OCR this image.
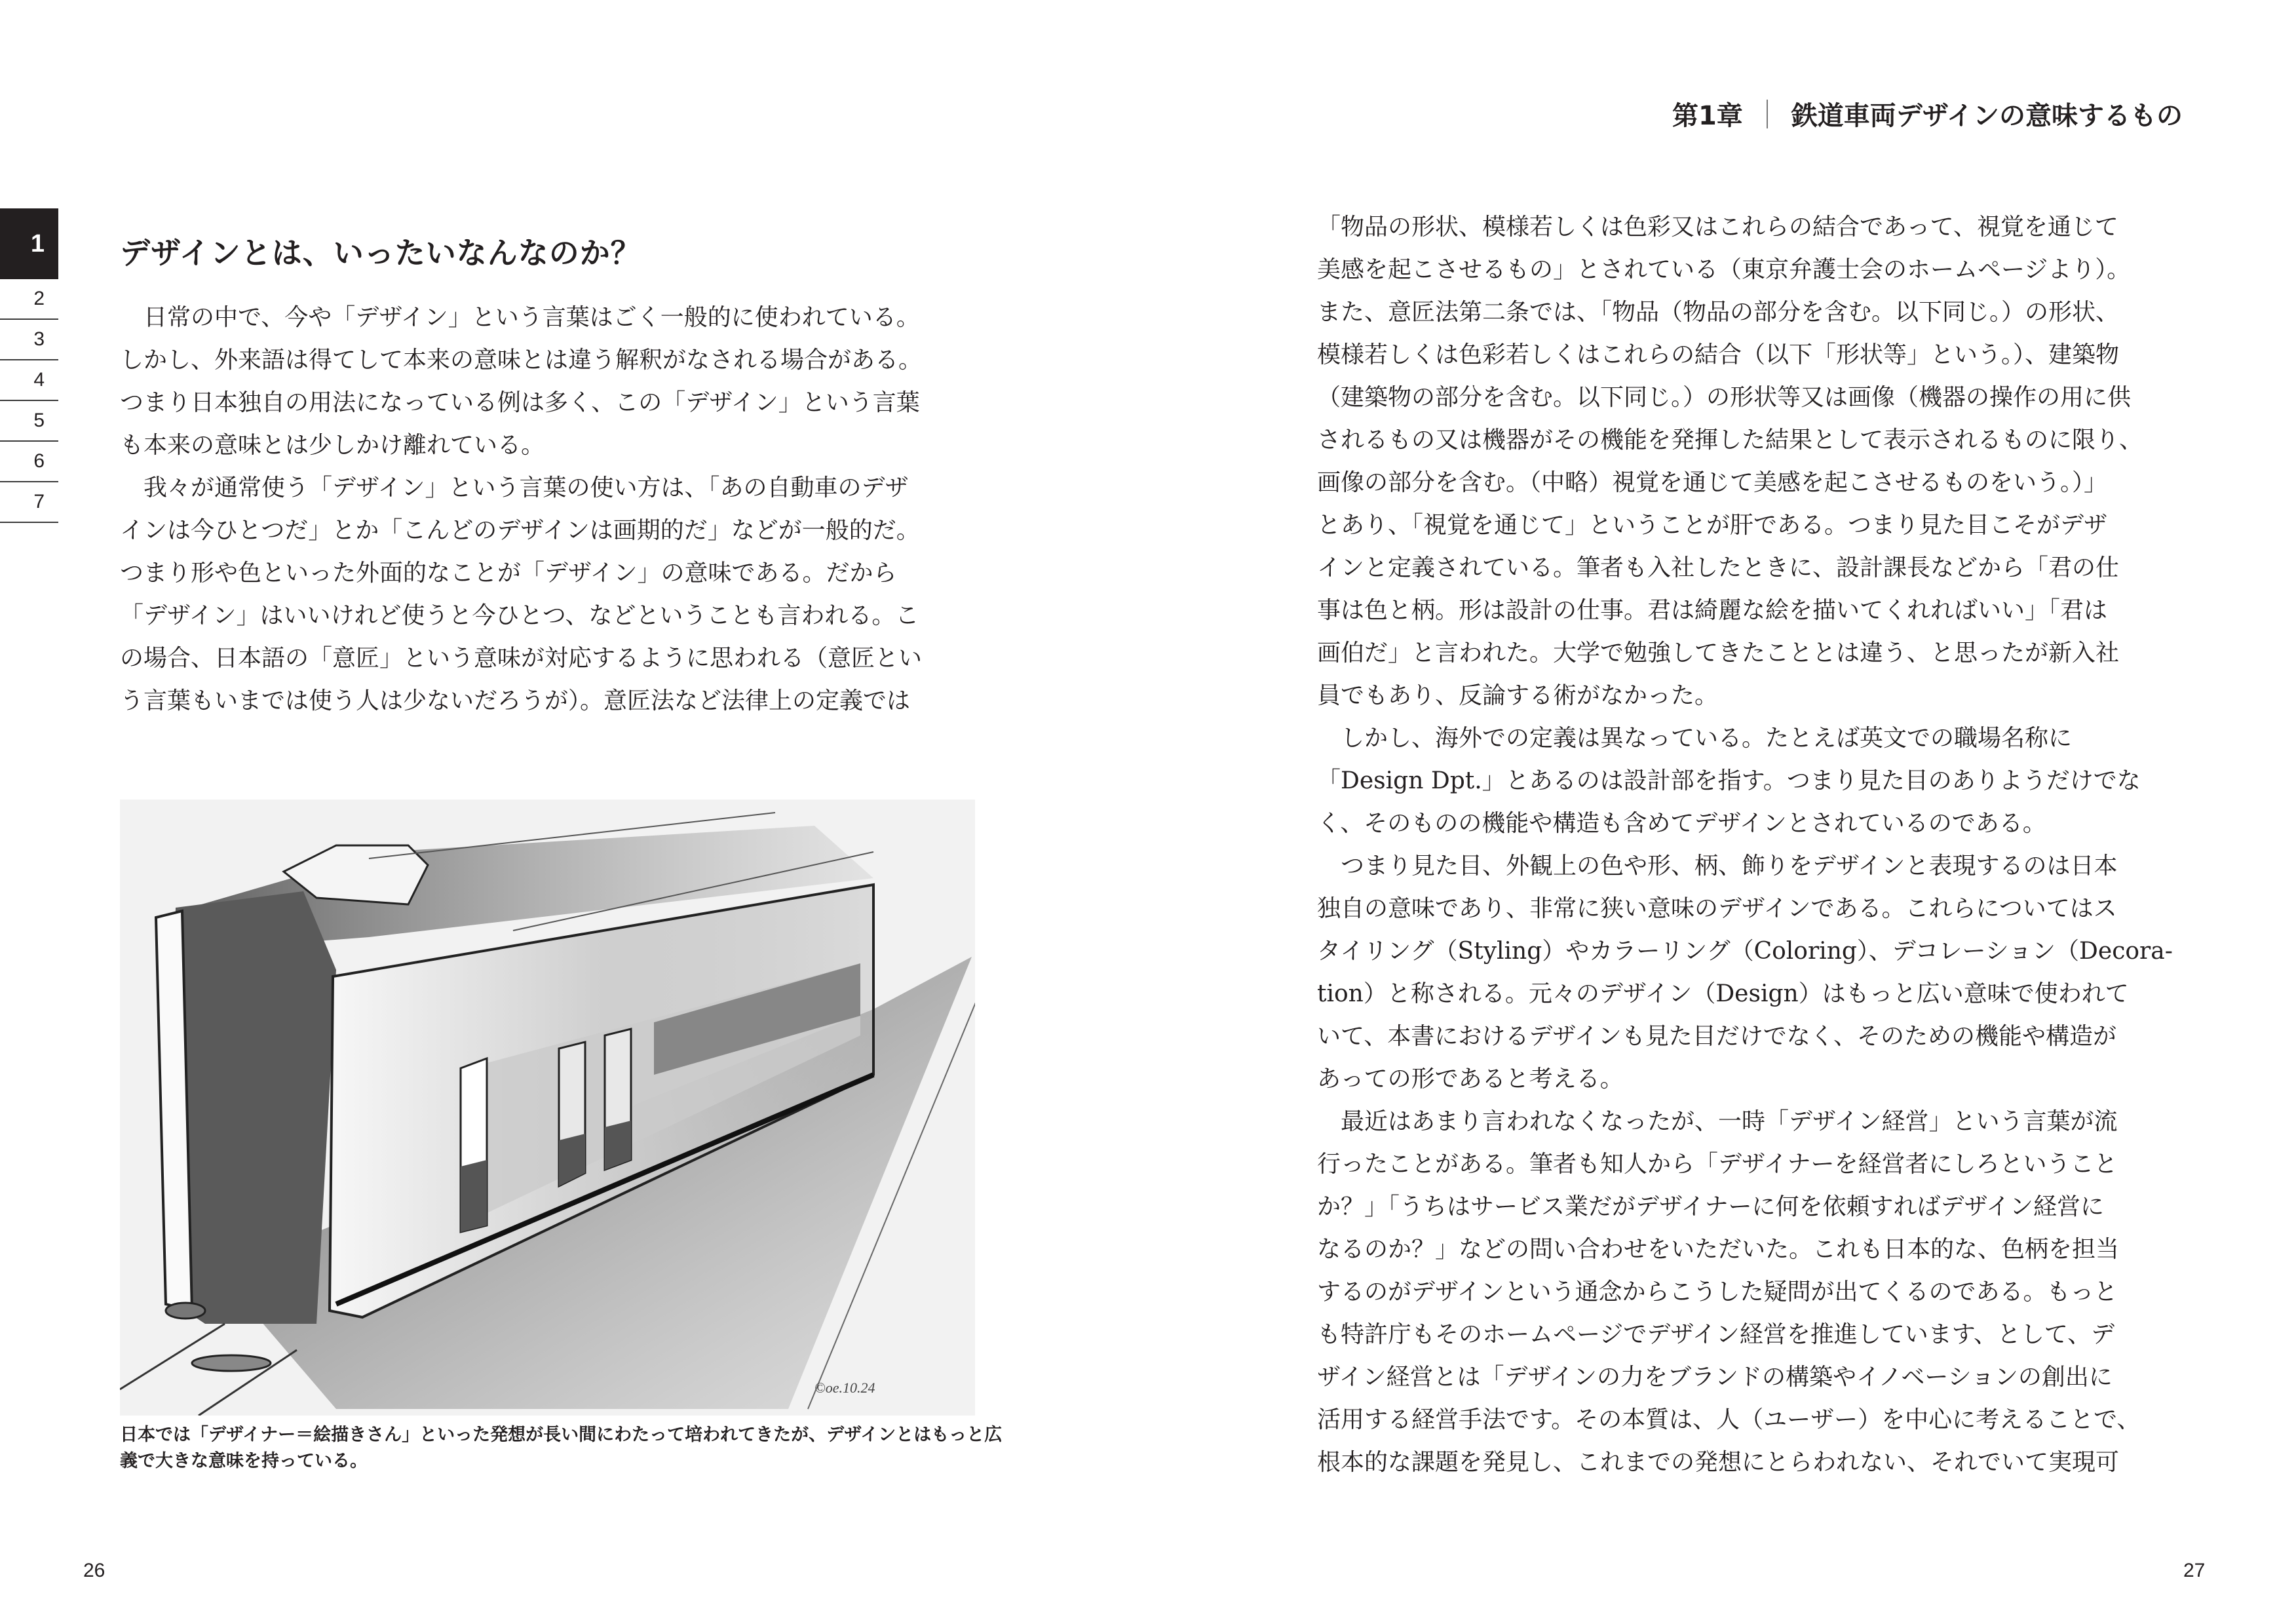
1
2
3
4
5
6
7
デザインとは、いったいなんなのか？

　日常の中で、今や「デザイン」という言葉はごく一般的に使われている。
しかし、外来語は得てして本来の意味とは違う解釈がなされる場合がある。
つまり日本独自の用法になっている例は多く、この「デザイン」という言葉
も本来の意味とは少しかけ離れている。

　我々が通常使う「デザイン」という言葉の使い方は、「あの自動車のデザ
インは今ひとつだ」とか「こんどのデザインは画期的だ」などが一般的だ。
つまり形や色といった外面的なことが「デザイン」の意味である。だから
「デザイン」はいいけれど使うと今ひとつ、などということも言われる。こ
の場合、日本語の「意匠」という意味が対応するように思われる（意匠とい
う言葉もいまでは使う人は少ないだろうが）。意匠法など法律上の定義では

©oe.10.24
日本では「デザイナー＝絵描きさん」といった発想が長い間にわたって培われてきたが、デザインとはもっと広
義で大きな意味を持っている。
26
第1章 鉄道車両デザインの意味するもの

「物品の形状、模様若しくは色彩又はこれらの結合であって、視覚を通じて
美感を起こさせるもの」とされている（東京弁護士会のホームページより）。
また、意匠法第二条では、「物品（物品の部分を含む。以下同じ。）の形状、
模様若しくは色彩若しくはこれらの結合（以下「形状等」という。）、建築物
（建築物の部分を含む。以下同じ。）の形状等又は画像（機器の操作の用に供
されるもの又は機器がその機能を発揮した結果として表示されるものに限り、
画像の部分を含む。（中略）視覚を通じて美感を起こさせるものをいう。）」
とあり、「視覚を通じて」ということが肝である。つまり見た目こそがデザ
インと定義されている。筆者も入社したときに、設計課長などから「君の仕
事は色と柄。形は設計の仕事。君は綺麗な絵を描いてくれればいい」「君は
画伯だ」と言われた。大学で勉強してきたこととは違う、と思ったが新入社
員でもあり、反論する術がなかった。

　しかし、海外での定義は異なっている。たとえば英文での職場名称に
「Design Dpt.」とあるのは設計部を指す。つまり見た目のありようだけでな
く、そのものの機能や構造も含めてデザインとされているのである。

　つまり見た目、外観上の色や形、柄、飾りをデザインと表現するのは日本
独自の意味であり、非常に狭い意味のデザインである。これらについてはス
タイリング（Styling）やカラーリング（Coloring）、デコレーション（Decora-
tion）と称される。元々のデザイン（Design）はもっと広い意味で使われて
いて、本書におけるデザインも見た目だけでなく、そのための機能や構造が
あっての形であると考える。

　最近はあまり言われなくなったが、一時「デザイン経営」という言葉が流
行ったことがある。筆者も知人から「デザイナーを経営者にしろということ
か？」「うちはサービス業だがデザイナーに何を依頼すればデザイン経営に
なるのか？」などの問い合わせをいただいた。これも日本的な、色柄を担当
するのがデザインという通念からこうした疑問が出てくるのである。もっと
も特許庁もそのホームページでデザイン経営を推進しています、として、デ
ザイン経営とは「デザインの力をブランドの構築やイノベーションの創出に
活用する経営手法です。その本質は、人（ユーザー）を中心に考えることで、
根本的な課題を発見し、これまでの発想にとらわれない、それでいて実現可

27
